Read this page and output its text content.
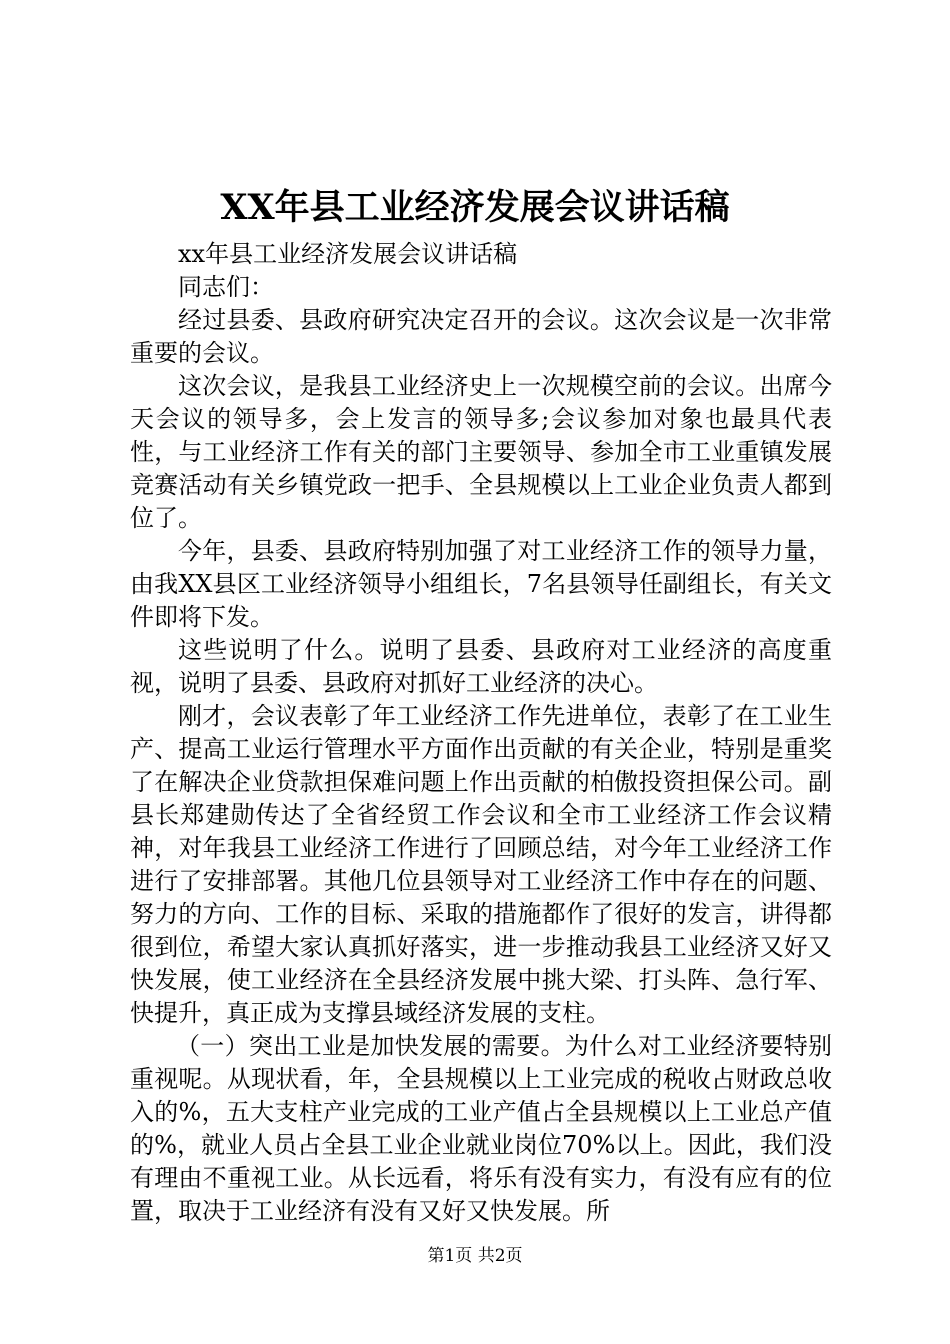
XX年县工业经济发展会议讲话稿

xx年县工业经济发展会议讲话稿

同志们：

经过县委、县政府研究决定召开的会议。这次会议是一次非常重要的会议。

这次会议，是我县工业经济史上一次规模空前的会议。出席今天会议的领导多，会上发言的领导多;会议参加对象也最具代表性，与工业经济工作有关的部门主要领导、参加全市工业重镇发展竞赛活动有关乡镇党政一把手、全县规模以上工业企业负责人都到位了。

今年，县委、县政府特别加强了对工业经济工作的领导力量，由我XX县区工业经济领导小组组长，7名县领导任副组长，有关文件即将下发。

这些说明了什么。说明了县委、县政府对工业经济的高度重视，说明了县委、县政府对抓好工业经济的决心。

刚才，会议表彰了年工业经济工作先进单位，表彰了在工业生产、提高工业运行管理水平方面作出贡献的有关企业，特别是重奖了在解决企业贷款担保难问题上作出贡献的柏傲投资担保公司。副县长郑建勋传达了全省经贸工作会议和全市工业经济工作会议精神，对年我县工业经济工作进行了回顾总结，对今年工业经济工作进行了安排部署。其他几位县领导对工业经济工作中存在的问题、努力的方向、工作的目标、采取的措施都作了很好的发言，讲得都很到位，希望大家认真抓好落实，进一步推动我县工业经济又好又快发展，使工业经济在全县经济发展中挑大梁、打头阵、急行军、快提升，真正成为支撑县域经济发展的支柱。

（一）突出工业是加快发展的需要。为什么对工业经济要特别重视呢。从现状看，年，全县规模以上工业完成的税收占财政总收入的%，五大支柱产业完成的工业产值占全县规模以上工业总产值的%，就业人员占全县工业企业就业岗位70%以上。因此，我们没有理由不重视工业。从长远看，将乐有没有实力，有没有应有的位置，取决于工业经济有没有又好又快发展。所

第1页 共2页
